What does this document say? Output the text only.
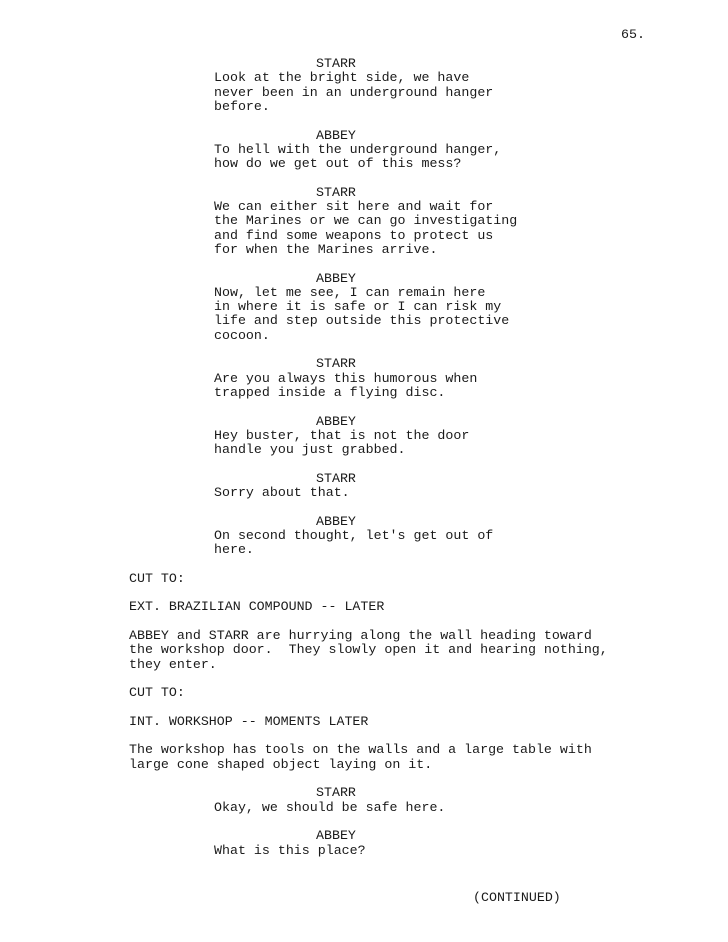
65.
STARR
Look at the bright side, we have
never been in an underground hanger
before.
ABBEY
To hell with the underground hanger,
how do we get out of this mess?
STARR
We can either sit here and wait for
the Marines or we can go investigating
and find some weapons to protect us
for when the Marines arrive.
ABBEY
Now, let me see, I can remain here
in where it is safe or I can risk my
life and step outside this protective
cocoon.
STARR
Are you always this humorous when
trapped inside a flying disc.
ABBEY
Hey buster, that is not the door
handle you just grabbed.
STARR
Sorry about that.
ABBEY
On second thought, let's get out of
here.
CUT TO:
EXT. BRAZILIAN COMPOUND -- LATER
ABBEY and STARR are hurrying along the wall heading toward
the workshop door.  They slowly open it and hearing nothing,
they enter.
CUT TO:
INT. WORKSHOP -- MOMENTS LATER
The workshop has tools on the walls and a large table with
large cone shaped object laying on it.
STARR
Okay, we should be safe here.
ABBEY
What is this place?
(CONTINUED)
